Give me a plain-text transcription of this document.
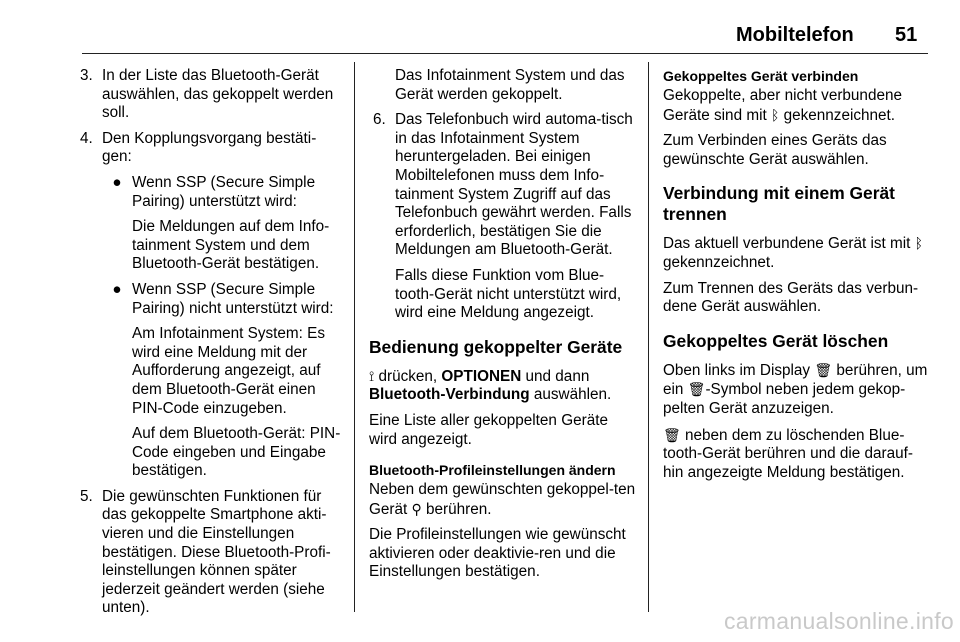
Mobiltelefon 51
3. In der Liste das Bluetooth-Gerät auswählen, das gekoppelt werden soll.
4. Den Kopplungsvorgang bestäti-gen:
● Wenn SSP (Secure Simple Pairing) unterstützt wird:
Die Meldungen auf dem Info-tainment System und dem Bluetooth-Gerät bestätigen.
● Wenn SSP (Secure Simple Pairing) nicht unterstützt wird:
Am Infotainment System: Es wird eine Meldung mit der Aufforderung angezeigt, auf dem Bluetooth-Gerät einen PIN-Code einzugeben.
Auf dem Bluetooth-Gerät: PIN-Code eingeben und Eingabe bestätigen.
5. Die gewünschten Funktionen für das gekoppelte Smartphone akti-vieren und die Einstellungen bestätigen. Diese Bluetooth-Profi-leinstellungen können später jederzeit geändert werden (siehe unten).
Das Infotainment System und das Gerät werden gekoppelt.
6. Das Telefonbuch wird automa-tisch in das Infotainment System heruntergeladen. Bei einigen Mobiltelefonen muss dem Info-tainment System Zugriff auf das Telefonbuch gewährt werden. Falls erforderlich, bestätigen Sie die Meldungen am Bluetooth-Gerät.
Falls diese Funktion vom Blue-tooth-Gerät nicht unterstützt wird, wird eine Meldung angezeigt.
Bedienung gekoppelter Geräte

⟟ drücken, OPTIONEN und dann Bluetooth-Verbindung auswählen.

Eine Liste aller gekoppelten Geräte wird angezeigt.

Bluetooth-Profileinstellungen ändern

Neben dem gewünschten gekoppel-ten Gerät ⚲ berühren.

Die Profileinstellungen wie gewünscht aktivieren oder deaktivie-ren und die Einstellungen bestätigen.

Gekoppeltes Gerät verbinden

Gekoppelte, aber nicht verbundene Geräte sind mit ᛒ gekennzeichnet.

Zum Verbinden eines Geräts das gewünschte Gerät auswählen.

Verbindung mit einem Gerät trennen

Das aktuell verbundene Gerät ist mit ᛒ gekennzeichnet.

Zum Trennen des Geräts das verbun-dene Gerät auswählen.

Gekoppeltes Gerät löschen

Oben links im Display 🗑 berühren, um ein 🗑-Symbol neben jedem gekop-pelten Gerät anzuzeigen.

🗑 neben dem zu löschenden Blue-tooth-Gerät berühren und die darauf-hin angezeigte Meldung bestätigen.

carmanualsonline.info
